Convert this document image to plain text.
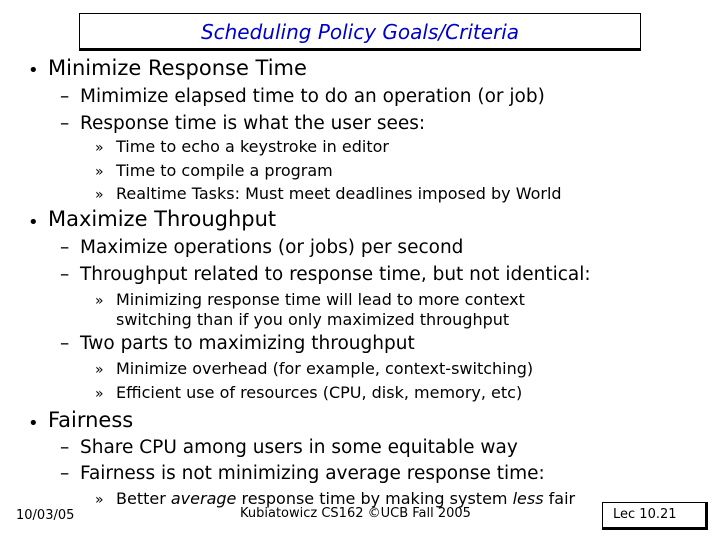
Scheduling Policy Goals/Criteria
• Minimize Response Time
– Mimimize elapsed time to do an operation (or job)
– Response time is what the user sees:
» Time to echo a keystroke in editor
» Time to compile a program
» Realtime Tasks: Must meet deadlines imposed by World
• Maximize Throughput
– Maximize operations (or jobs) per second
– Throughput related to response time, but not identical:
» Minimizing response time will lead to more context
switching than if you only maximized throughput
– Two parts to maximizing throughput
» Minimize overhead (for example, context-switching)
» Efficient use of resources (CPU, disk, memory, etc)
• Fairness
– Share CPU among users in some equitable way
– Fairness is not minimizing average response time:
» Better average response time by making system less fair
10/03/05	Kubiatowicz CS162 ©UCB Fall 2005	Lec 10.21
